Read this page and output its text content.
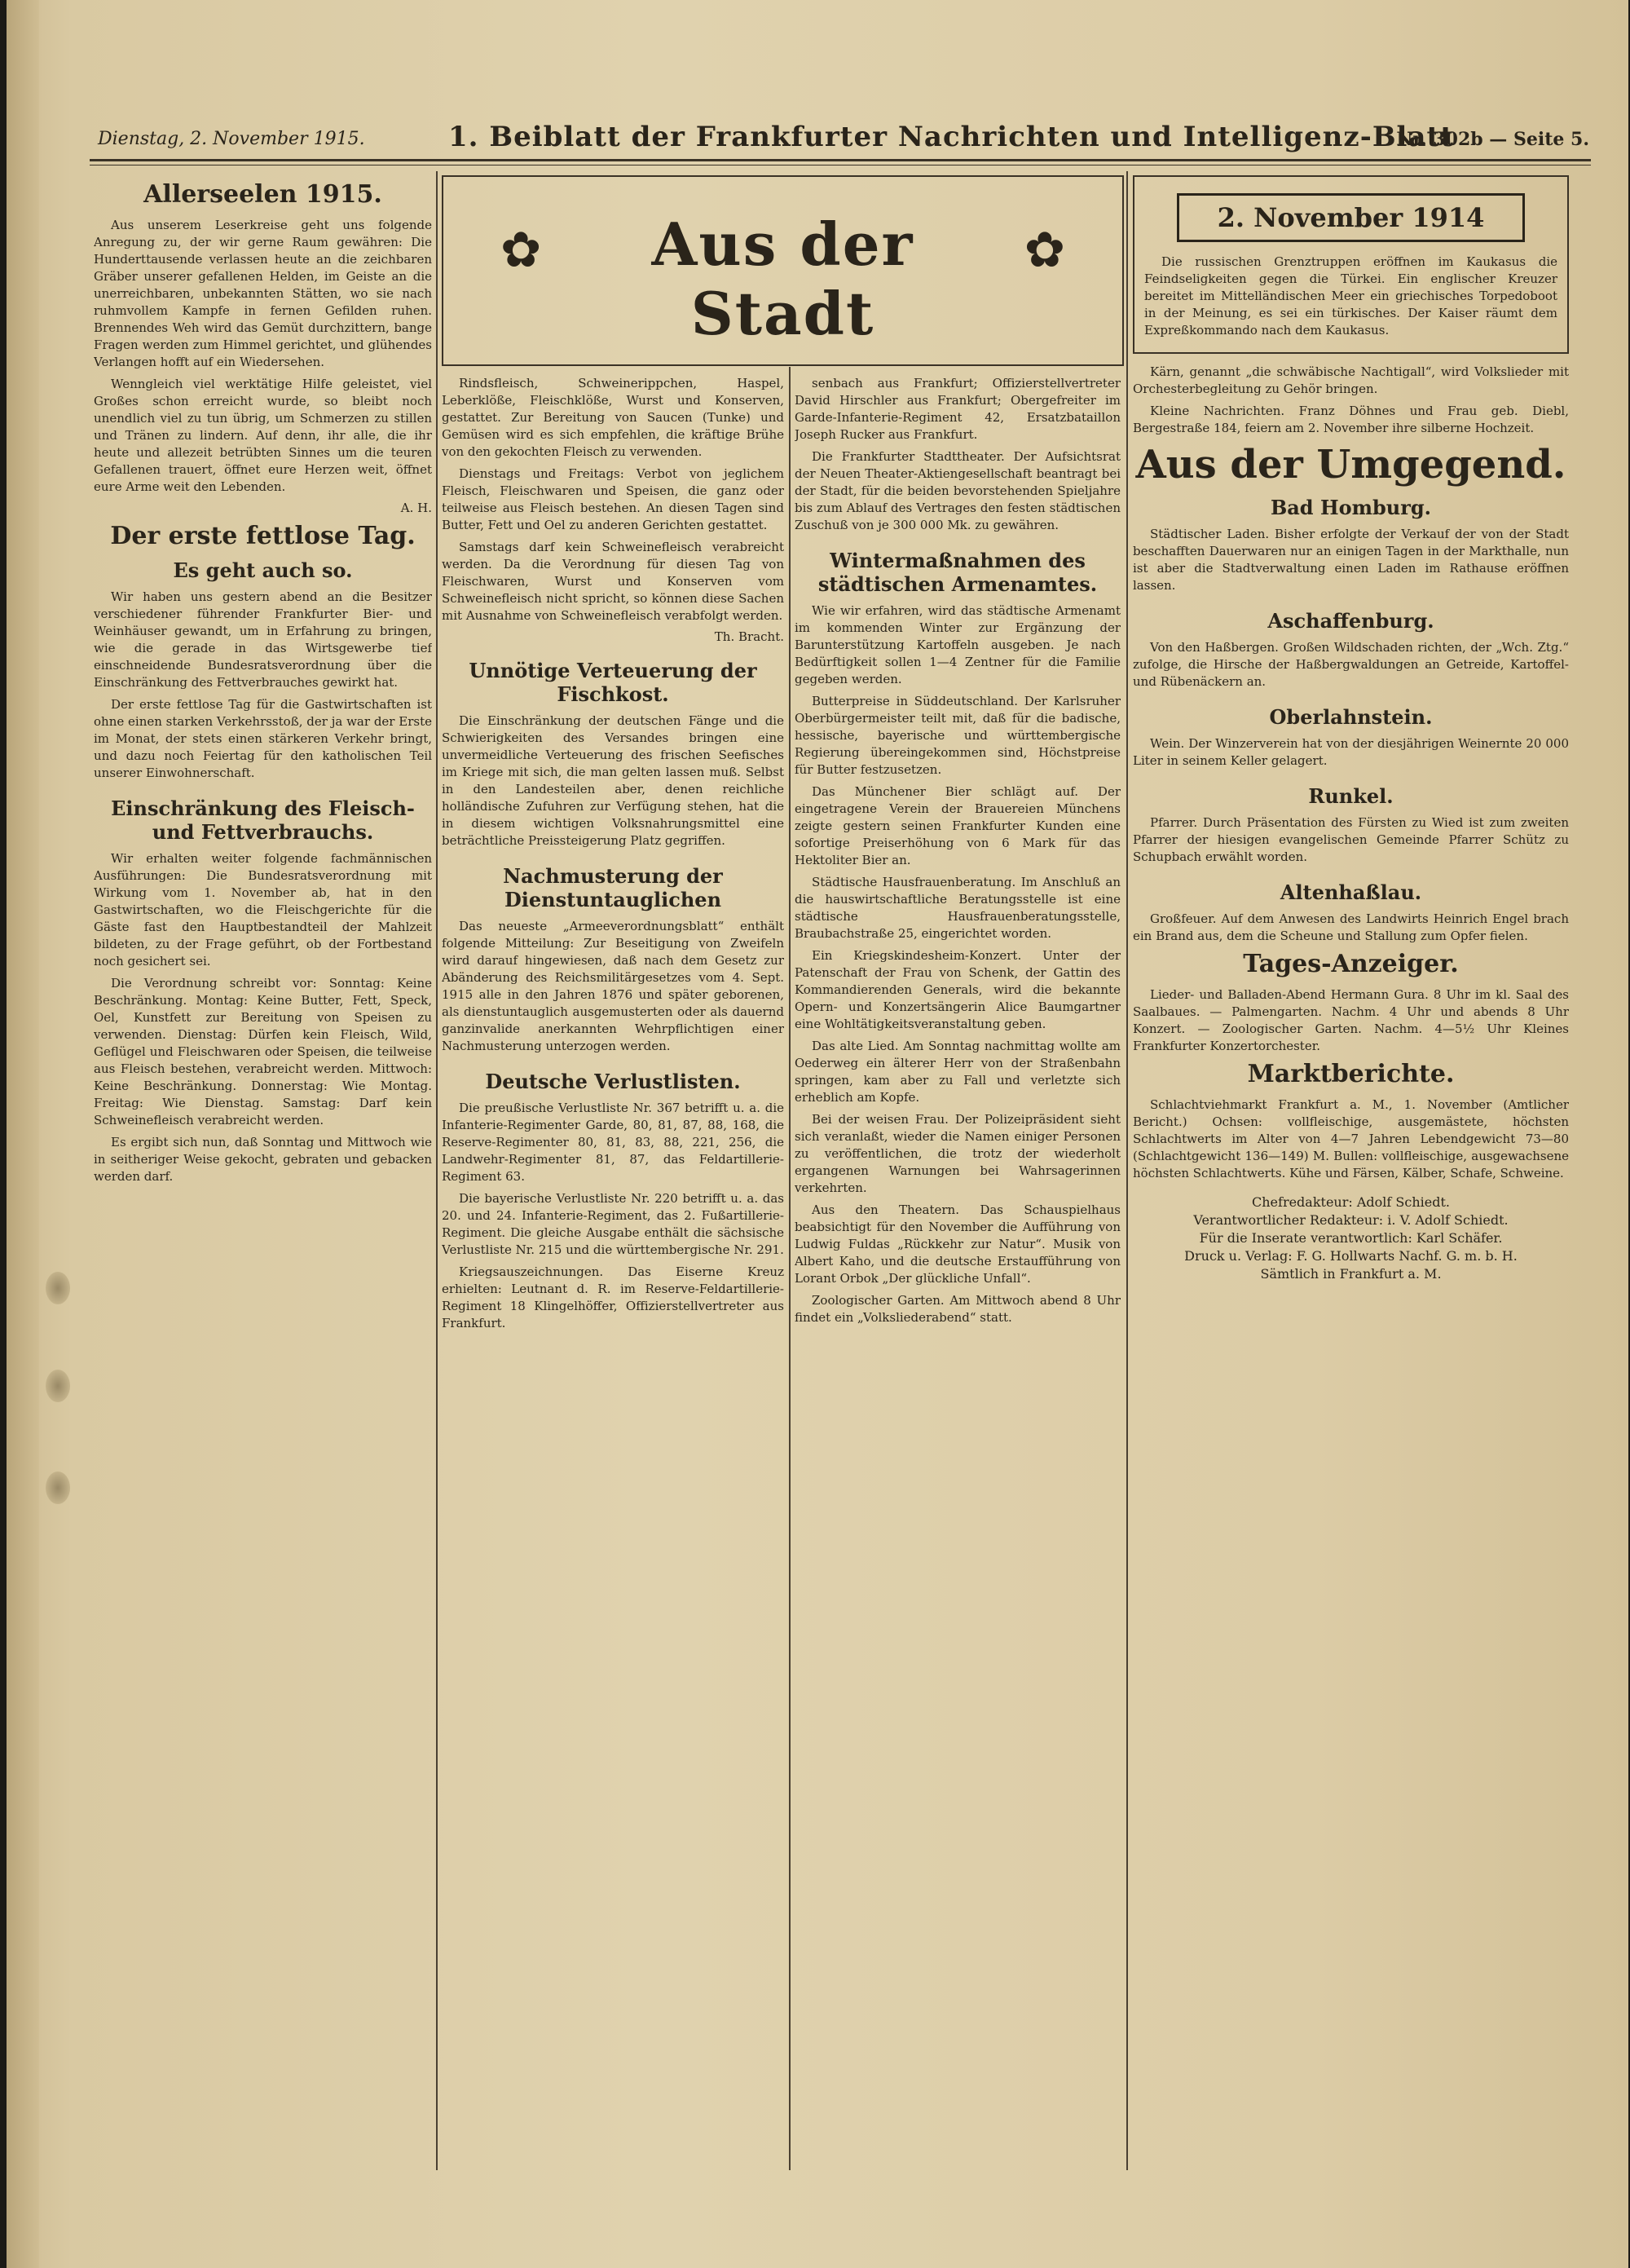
Dienstag, 2. November 1915.	1. Beiblatt der Frankfurter Nachrichten und Intelligenz-Blatt
Nr. 302b — Seite 5.
✿	Aus der Stadt
✿
Allerseelen 1915.

Aus unserem Leserkreise geht uns folgende Anregung zu, der wir gerne Raum gewähren: Die Hunderttausende verlassen heute an die zeichbaren Gräber unserer gefallenen Helden, im Geiste an die unerreichbaren, unbekannten Stätten, wo sie nach ruhmvollem Kampfe in fernen Gefilden ruhen. Brennendes Weh wird das Gemüt durchzittern, bange Fragen werden zum Himmel gerichtet, und glühendes Verlangen hofft auf ein Wiedersehen.

Wenngleich viel werktätige Hilfe geleistet, viel Großes schon erreicht wurde, so bleibt noch unendlich viel zu tun übrig, um Schmerzen zu stillen und Tränen zu lindern. Auf denn, ihr alle, die ihr heute und allezeit betrübten Sinnes um die teuren Gefallenen trauert, öffnet eure Herzen weit, öffnet eure Arme weit den Lebenden.

A. H.
Der erste fettlose Tag.
Es geht auch so.

Wir haben uns gestern abend an die Besitzer verschiedener führender Frankfurter Bier- und Weinhäuser gewandt, um in Erfahrung zu bringen, wie die gerade in das Wirtsgewerbe tief einschneidende Bundesratsverordnung über die Einschränkung des Fettverbrauches gewirkt hat.

Der erste fettlose Tag für die Gastwirtschaften ist ohne einen starken Verkehrsstoß, der ja war der Erste im Monat, der stets einen stärkeren Verkehr bringt, und dazu noch Feiertag für den katholischen Teil unserer Einwohnerschaft.

Einschränkung des Fleisch- und Fettverbrauchs.

Wir erhalten weiter folgende fachmännischen Ausführungen: Die Bundesratsverordnung mit Wirkung vom 1. November ab, hat in den Gastwirtschaften, wo die Fleischgerichte für die Gäste fast den Hauptbestandteil der Mahlzeit bildeten, zu der Frage geführt, ob der Fortbestand noch gesichert sei.

Die Verordnung schreibt vor: Sonntag: Keine Beschränkung. Montag: Keine Butter, Fett, Speck, Oel, Kunstfett zur Bereitung von Speisen zu verwenden. Dienstag: Dürfen kein Fleisch, Wild, Geflügel und Fleischwaren oder Speisen, die teilweise aus Fleisch bestehen, verabreicht werden. Mittwoch: Keine Beschränkung. Donnerstag: Wie Montag. Freitag: Wie Dienstag. Samstag: Darf kein Schweinefleisch verabreicht werden.

Es ergibt sich nun, daß Sonntag und Mittwoch wie in seitheriger Weise gekocht, gebraten und gebacken werden darf.

Rindsfleisch, Schweinerippchen, Haspel, Leberklöße, Fleischklöße, Wurst und Konserven, gestattet. Zur Bereitung von Saucen (Tunke) und Gemüsen wird es sich empfehlen, die kräftige Brühe von den gekochten Fleisch zu verwenden.

Dienstags und Freitags: Verbot von jeglichem Fleisch, Fleischwaren und Speisen, die ganz oder teilweise aus Fleisch bestehen. An diesen Tagen sind Butter, Fett und Oel zu anderen Gerichten gestattet.

Samstags darf kein Schweinefleisch verabreicht werden. Da die Verordnung für diesen Tag von Fleischwaren, Wurst und Konserven vom Schweinefleisch nicht spricht, so können diese Sachen mit Ausnahme von Schweinefleisch verabfolgt werden.

Th. Bracht.
Unnötige Verteuerung der Fischkost.

Die Einschränkung der deutschen Fänge und die Schwierigkeiten des Versandes bringen eine unvermeidliche Verteuerung des frischen Seefisches im Kriege mit sich, die man gelten lassen muß. Selbst in den Landesteilen aber, denen reichliche holländische Zufuhren zur Verfügung stehen, hat die in diesem wichtigen Volksnahrungsmittel eine beträchtliche Preissteigerung Platz gegriffen.

Nachmusterung der Dienstuntauglichen

Das neueste „Armeeverordnungsblatt“ enthält folgende Mitteilung: Zur Beseitigung von Zweifeln wird darauf hingewiesen, daß nach dem Gesetz zur Abänderung des Reichsmilitärgesetzes vom 4. Sept. 1915 alle in den Jahren 1876 und später geborenen, als dienstuntauglich ausgemusterten oder als dauernd ganzinvalide anerkannten Wehrpflichtigen einer Nachmusterung unterzogen werden.

Deutsche Verlustlisten.

Die preußische Verlustliste Nr. 367 betrifft u. a. die Infanterie-Regimenter Garde, 80, 81, 87, 88, 168, die Reserve-Regimenter 80, 81, 83, 88, 221, 256, die Landwehr-Regimenter 81, 87, das Feldartillerie-Regiment 63.

Die bayerische Verlustliste Nr. 220 betrifft u. a. das 20. und 24. Infanterie-Regiment, das 2. Fußartillerie-Regiment. Die gleiche Ausgabe enthält die sächsische Verlustliste Nr. 215 und die württembergische Nr. 291.

Kriegsauszeichnungen. Das Eiserne Kreuz erhielten: Leutnant d. R. im Reserve-Feldartillerie-Regiment 18 Klingelhöffer, Offizierstellvertreter aus Frankfurt.

senbach aus Frankfurt; Offizierstellvertreter David Hirschler aus Frankfurt; Obergefreiter im Garde-Infanterie-Regiment 42, Ersatzbataillon Joseph Rucker aus Frankfurt.

Die Frankfurter Stadttheater. Der Aufsichtsrat der Neuen Theater-Aktiengesellschaft beantragt bei der Stadt, für die beiden bevorstehenden Spieljahre bis zum Ablauf des Vertrages den festen städtischen Zuschuß von je 300 000 Mk. zu gewähren.

Wintermaßnahmen des städtischen Armenamtes.

Wie wir erfahren, wird das städtische Armenamt im kommenden Winter zur Ergänzung der Barunterstützung Kartoffeln ausgeben. Je nach Bedürftigkeit sollen 1—4 Zentner für die Familie gegeben werden.

Butterpreise in Süddeutschland. Der Karlsruher Oberbürgermeister teilt mit, daß für die badische, hessische, bayerische und württembergische Regierung übereingekommen sind, Höchstpreise für Butter festzusetzen.

Das Münchener Bier schlägt auf. Der eingetragene Verein der Brauereien Münchens zeigte gestern seinen Frankfurter Kunden eine sofortige Preiserhöhung von 6 Mark für das Hektoliter Bier an.

Städtische Hausfrauenberatung. Im Anschluß an die hauswirtschaftliche Beratungsstelle ist eine städtische Hausfrauenberatungsstelle, Braubachstraße 25, eingerichtet worden.

Ein Kriegskindesheim-Konzert. Unter der Patenschaft der Frau von Schenk, der Gattin des Kommandierenden Generals, wird die bekannte Opern- und Konzertsängerin Alice Baumgartner eine Wohltätigkeitsveranstaltung geben.

Das alte Lied. Am Sonntag nachmittag wollte am Oederweg ein älterer Herr von der Straßenbahn springen, kam aber zu Fall und verletzte sich erheblich am Kopfe.

Bei der weisen Frau. Der Polizeipräsident sieht sich veranlaßt, wieder die Namen einiger Personen zu veröffentlichen, die trotz der wiederholt ergangenen Warnungen bei Wahrsagerinnen verkehrten.

Aus den Theatern. Das Schauspielhaus beabsichtigt für den November die Aufführung von Ludwig Fuldas „Rückkehr zur Natur“. Musik von Albert Kaho, und die deutsche Erstaufführung von Lorant Orbok „Der glückliche Unfall“.

Zoologischer Garten. Am Mittwoch abend 8 Uhr findet ein „Volksliederabend“ statt.

2. November 1914

Die russischen Grenztruppen eröffnen im Kaukasus die Feindseligkeiten gegen die Türkei. Ein englischer Kreuzer bereitet im Mittelländischen Meer ein griechisches Torpedoboot in der Meinung, es sei ein türkisches. Der Kaiser räumt dem Expreßkommando nach dem Kaukasus.

Kärn, genannt „die schwäbische Nachtigall“, wird Volkslieder mit Orchesterbegleitung zu Gehör bringen.

Kleine Nachrichten. Franz Döhnes und Frau geb. Diebl, Bergestraße 184, feiern am 2. November ihre silberne Hochzeit.

Aus der Umgegend.
Bad Homburg.

Städtischer Laden. Bisher erfolgte der Verkauf der von der Stadt beschafften Dauerwaren nur an einigen Tagen in der Markthalle, nun ist aber die Stadtverwaltung einen Laden im Rathause eröffnen lassen.

Aschaffenburg.

Von den Haßbergen. Großen Wildschaden richten, der „Wch. Ztg.“ zufolge, die Hirsche der Haßbergwaldungen an Getreide, Kartoffel- und Rübenäckern an.

Oberlahnstein.

Wein. Der Winzerverein hat von der diesjährigen Weinernte 20 000 Liter in seinem Keller gelagert.

Runkel.

Pfarrer. Durch Präsentation des Fürsten zu Wied ist zum zweiten Pfarrer der hiesigen evangelischen Gemeinde Pfarrer Schütz zu Schupbach erwählt worden.

Altenhaßlau.

Großfeuer. Auf dem Anwesen des Landwirts Heinrich Engel brach ein Brand aus, dem die Scheune und Stallung zum Opfer fielen.

Tages-Anzeiger.

Lieder- und Balladen-Abend Hermann Gura. 8 Uhr im kl. Saal des Saalbaues. — Palmengarten. Nachm. 4 Uhr und abends 8 Uhr Konzert. — Zoologischer Garten. Nachm. 4—5½ Uhr Kleines Frankfurter Konzertorchester.

Marktberichte.

Schlachtviehmarkt Frankfurt a. M., 1. November (Amtlicher Bericht.) Ochsen: vollfleischige, ausgemästete, höchsten Schlachtwerts im Alter von 4—7 Jahren Lebendgewicht 73—80 (Schlachtgewicht 136—149) M. Bullen: vollfleischige, ausgewachsene höchsten Schlachtwerts. Kühe und Färsen, Kälber, Schafe, Schweine.

Chefredakteur: Adolf Schiedt.
Verantwortlicher Redakteur: i. V. Adolf Schiedt.
Für die Inserate verantwortlich: Karl Schäfer.
Druck u. Verlag: F. G. Hollwarts Nachf. G. m. b. H.
Sämtlich in Frankfurt a. M.
